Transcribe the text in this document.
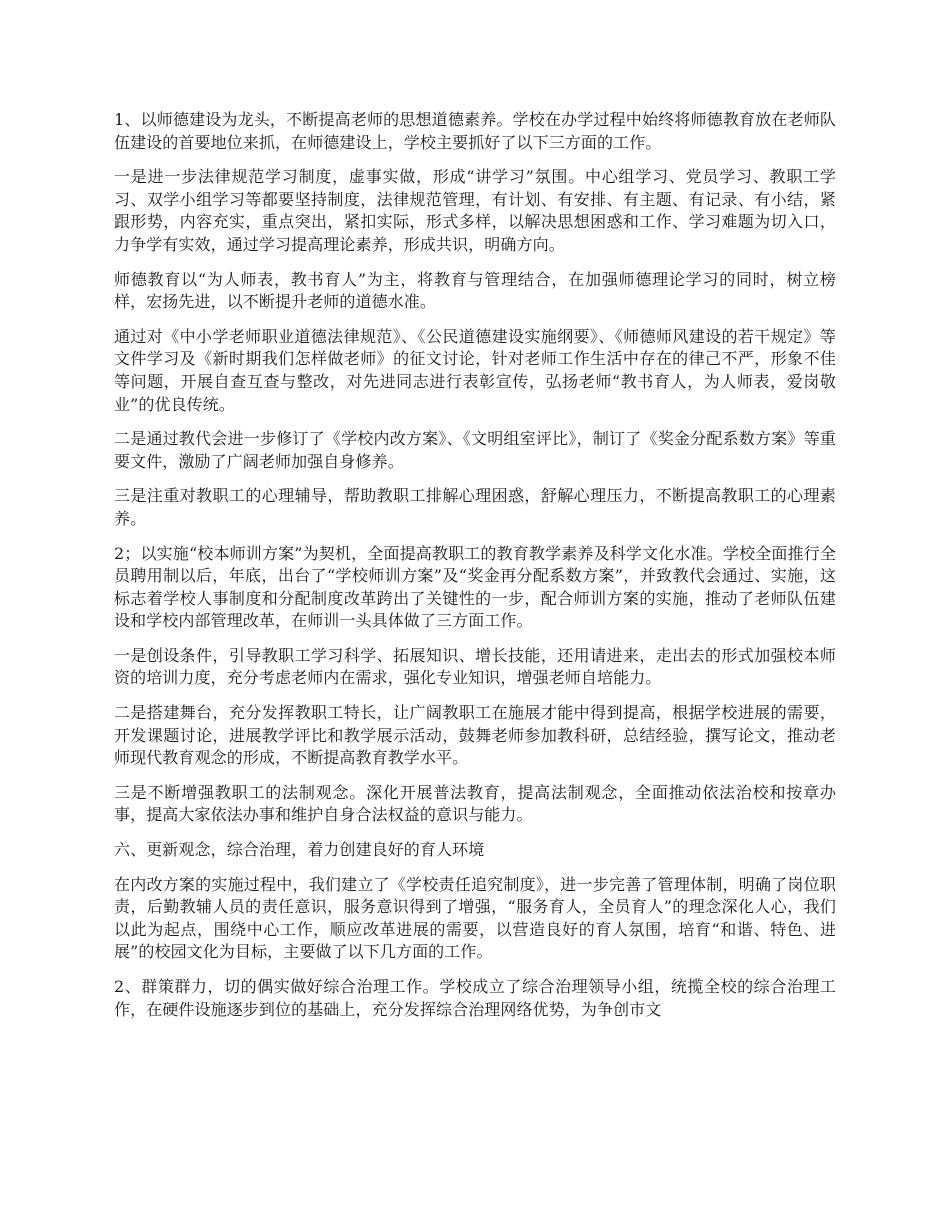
1、以师德建设为龙头，不断提高老师的思想道德素养。学校在办学过程中始终将师德教育放在老师队伍建设的首要地位来抓，在师德建设上，学校主要抓好了以下三方面的工作。

一是进一步法律规范学习制度，虚事实做，形成“讲学习”氛围。中心组学习、党员学习、教职工学习、双学小组学习等都要坚持制度，法律规范管理，有计划、有安排、有主题、有记录、有小结，紧跟形势，内容充实，重点突出，紧扣实际，形式多样，以解决思想困惑和工作、学习难题为切入口，力争学有实效，通过学习提高理论素养，形成共识，明确方向。

师德教育以“为人师表，教书育人”为主，将教育与管理结合，在加强师德理论学习的同时，树立榜样，宏扬先进，以不断提升老师的道德水准。

通过对《中小学老师职业道德法律规范》、《公民道德建设实施纲要》、《师德师风建设的若干规定》等文件学习及《新时期我们怎样做老师》的征文讨论，针对老师工作生活中存在的律己不严，形象不佳等问题，开展自查互查与整改，对先进同志进行表彰宣传，弘扬老师“教书育人，为人师表，爱岗敬业”的优良传统。

二是通过教代会进一步修订了《学校内改方案》、《文明组室评比》，制订了《奖金分配系数方案》等重要文件，激励了广阔老师加强自身修养。

三是注重对教职工的心理辅导，帮助教职工排解心理困惑，舒解心理压力，不断提高教职工的心理素养。

2；以实施“校本师训方案”为契机，全面提高教职工的教育教学素养及科学文化水准。学校全面推行全员聘用制以后，年底，出台了“学校师训方案”及“奖金再分配系数方案”，并致教代会通过、实施，这标志着学校人事制度和分配制度改革跨出了关键性的一步，配合师训方案的实施，推动了老师队伍建设和学校内部管理改革，在师训一头具体做了三方面工作。

一是创设条件，引导教职工学习科学、拓展知识、增长技能，还用请进来，走出去的形式加强校本师资的培训力度，充分考虑老师内在需求，强化专业知识，增强老师自培能力。

二是搭建舞台，充分发挥教职工特长，让广阔教职工在施展才能中得到提高，根据学校进展的需要，开发课题讨论，进展教学评比和教学展示活动，鼓舞老师参加教科研，总结经验，撰写论文，推动老师现代教育观念的形成，不断提高教育教学水平。

三是不断增强教职工的法制观念。深化开展普法教育，提高法制观念，全面推动依法治校和按章办事，提高大家依法办事和维护自身合法权益的意识与能力。

六、更新观念，综合治理，着力创建良好的育人环境

在内改方案的实施过程中，我们建立了《学校责任追究制度》，进一步完善了管理体制，明确了岗位职责，后勤教辅人员的责任意识，服务意识得到了增强，“服务育人，全员育人”的理念深化人心，我们以此为起点，围绕中心工作，顺应改革进展的需要，以营造良好的育人氛围，培育“和谐、特色、进展”的校园文化为目标，主要做了以下几方面的工作。

2、群策群力，切的偶实做好综合治理工作。学校成立了综合治理领导小组，统揽全校的综合治理工作，在硬件设施逐步到位的基础上，充分发挥综合治理网络优势，为争创市文
